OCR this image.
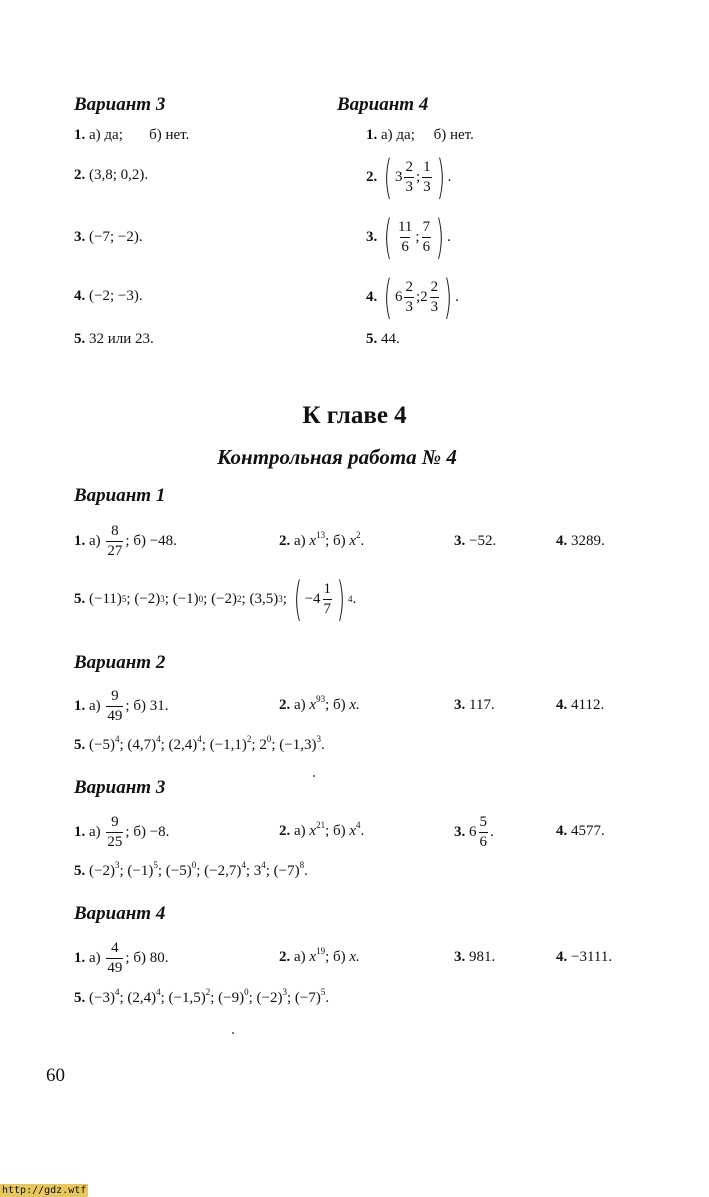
Вариант 3
1. а) да;       б) нет.
2. (3,8; 0,2).
3. (−7; −2).
4. (−2; −3).
5. 32 или 23.
Вариант 4
1. а) да;     б) нет.
2.
( $3 \frac{2}{3}$ ; $\frac{1}{3}$ ) .
3.
( $\frac{11}{6}$ ; $\frac{7}{6}$ ) .
4.
( $6 \frac{2}{3}$ ; $2 \frac{2}{3}$ ) .
5. 44.
К главе 4
Контрольная работа № 4
Вариант 1
1.
а)
$\frac{8}{27}$ ; б) −48.	2. а) $x^{13}$; б) $x^2$.	3. −52.	4. 3289.
5.
(−11) 5 ; (−2) 3 ; (−1) 0 ; (−2) 2 ; (3,5) 3 ;
( $-4 \frac{1}{7}$ ) 4 .
Вариант 2
1.
а)
$\frac{9}{49}$ ; б) 31.	2. а) $x^{93}$; б) x.	3. 117.	4. 4112.
5. $(-5)^4$; $(4,7)^4$; $(2,4)^4$; $(-1,1)^2$; $2^0$; $(-1,3)^3$.
Вариант 3
1.
а)
$\frac{9}{25}$ ; б) −8.	2. а) $x^{21}$; б) $x^4$.	3.
$6 \frac{5}{6}$ .	4. 4577.
5. $(-2)^3$; $(-1)^5$; $(-5)^0$; $(-2,7)^4$; $3^4$; $(-7)^8$.
Вариант 4
1.
а)
$\frac{4}{49}$ ; б) 80.	2. а) $x^{19}$; б) x.	3. 981.	4. −3111.
5. $(-3)^4$; $(2,4)^4$; $(-1,5)^2$; $(-9)^0$; $(-2)^3$; $(-7)^5$.
60
http://gdz.wtf
